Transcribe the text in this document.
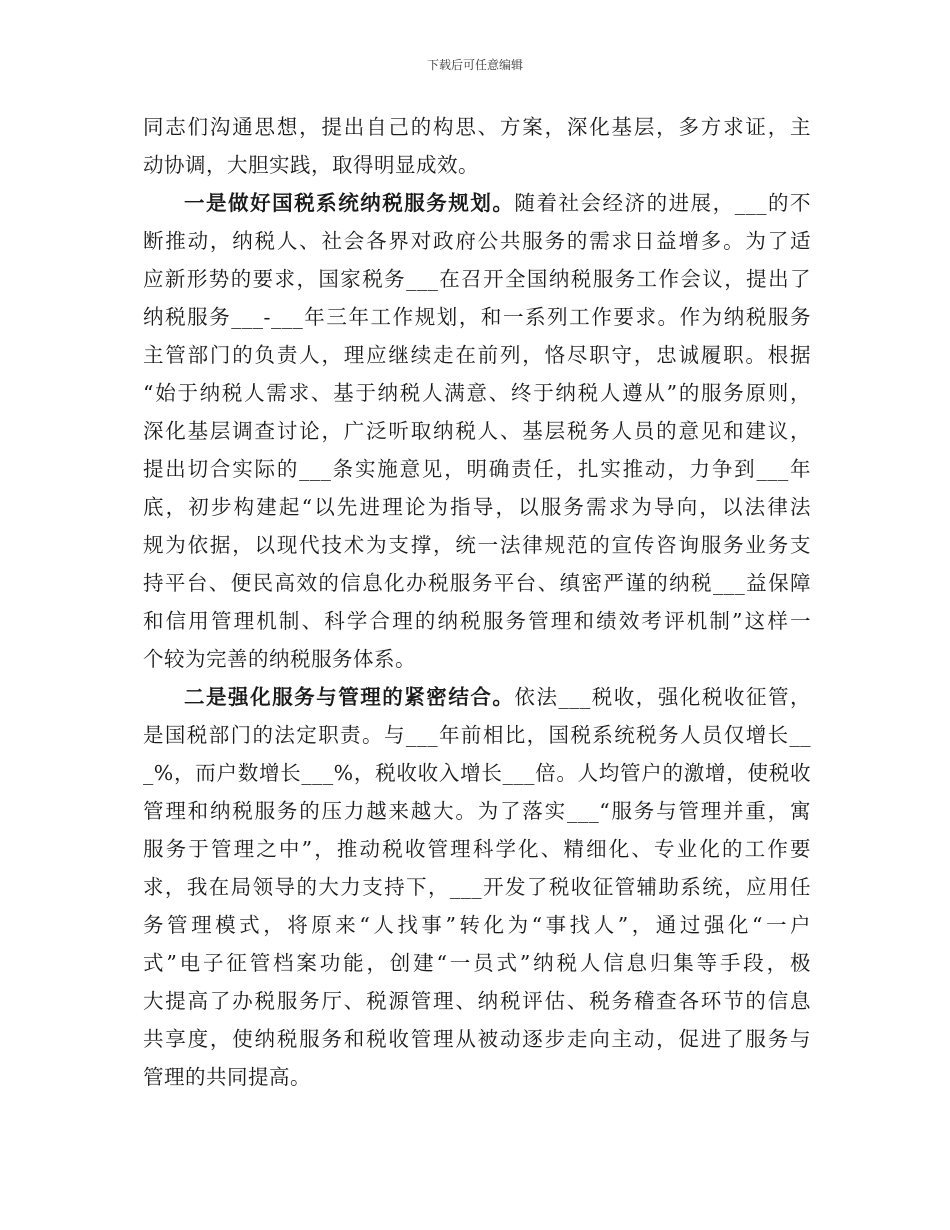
下载后可任意编辑
同志们沟通思想，提出自己的构思、方案，深化基层，多方求证，主
动协调，大胆实践，取得明显成效。
一是做好国税系统纳税服务规划。随着社会经济的进展，___的不
断推动，纳税人、社会各界对政府公共服务的需求日益增多。为了适
应新形势的要求，国家税务___在召开全国纳税服务工作会议，提出了
纳税服务___-___年三年工作规划，和一系列工作要求。作为纳税服务
主管部门的负责人，理应继续走在前列，恪尽职守，忠诚履职。根据
“始于纳税人需求、基于纳税人满意、终于纳税人遵从”的服务原则，
深化基层调查讨论，广泛听取纳税人、基层税务人员的意见和建议，
提出切合实际的___条实施意见，明确责任，扎实推动，力争到___年
底，初步构建起“以先进理论为指导，以服务需求为导向，以法律法
规为依据，以现代技术为支撑，统一法律规范的宣传咨询服务业务支
持平台、便民高效的信息化办税服务平台、缜密严谨的纳税___益保障
和信用管理机制、科学合理的纳税服务管理和绩效考评机制”这样一
个较为完善的纳税服务体系。
二是强化服务与管理的紧密结合。依法___税收，强化税收征管，
是国税部门的法定职责。与___年前相比，国税系统税务人员仅增长__
_%，而户数增长___%，税收收入增长___倍。人均管户的激增，使税收
管理和纳税服务的压力越来越大。为了落实___“服务与管理并重，寓
服务于管理之中”，推动税收管理科学化、精细化、专业化的工作要
求，我在局领导的大力支持下，___开发了税收征管辅助系统，应用任
务管理模式，将原来“人找事”转化为“事找人”，通过强化“一户
式”电子征管档案功能，创建“一员式”纳税人信息归集等手段，极
大提高了办税服务厅、税源管理、纳税评估、税务稽查各环节的信息
共享度，使纳税服务和税收管理从被动逐步走向主动，促进了服务与
管理的共同提高。
